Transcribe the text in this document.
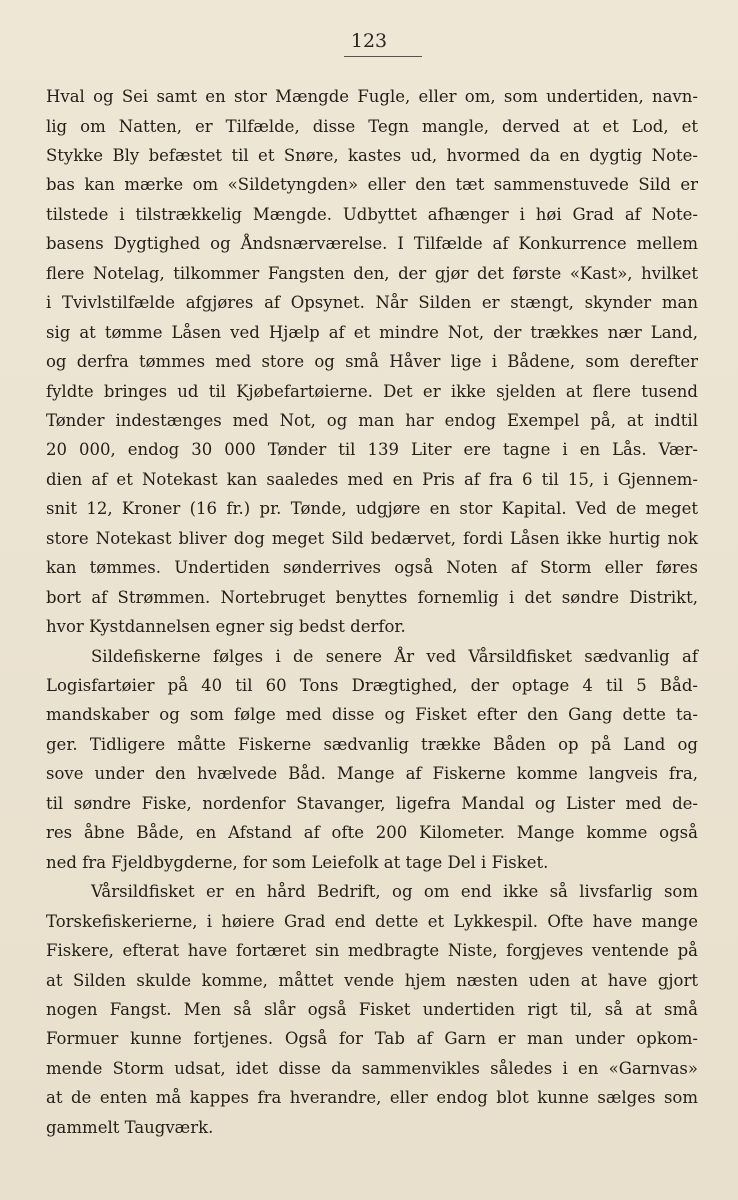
123
Hval og Sei samt en stor Mængde Fugle, eller om, som undertiden, navn-
lig om Natten, er Tilfælde, disse Tegn mangle, derved at et Lod, et
Stykke Bly befæstet til et Snøre, kastes ud, hvormed da en dygtig Note-
bas kan mærke om «Sildetyngden» eller den tæt sammenstuvede Sild er
tilstede i tilstrækkelig Mængde. Udbyttet afhænger i høi Grad af Note-
basens Dygtighed og Åndsnærværelse. I Tilfælde af Konkurrence mellem
flere Notelag, tilkommer Fangsten den, der gjør det første «Kast», hvilket
i Tvivlstilfælde afgjøres af Opsynet. Når Silden er stængt, skynder man
sig at tømme Låsen ved Hjælp af et mindre Not, der trækkes nær Land,
og derfra tømmes med store og små Håver lige i Bådene, som derefter
fyldte bringes ud til Kjøbefartøierne. Det er ikke sjelden at flere tusend
Tønder indestænges med Not, og man har endog Exempel på, at indtil
20 000, endog 30 000 Tønder til 139 Liter ere tagne i en Lås. Vær-
dien af et Notekast kan saaledes med en Pris af fra 6 til 15, i Gjennem-
snit 12, Kroner (16 fr.) pr. Tønde, udgjøre en stor Kapital. Ved de meget
store Notekast bliver dog meget Sild bedærvet, fordi Låsen ikke hurtig nok
kan tømmes. Undertiden sønderrives også Noten af Storm eller føres
bort af Strømmen. Nortebruget benyttes fornemlig i det søndre Distrikt,
hvor Kystdannelsen egner sig bedst derfor.
Sildefiskerne følges i de senere År ved Vårsildfisket sædvanlig af
Logisfartøier på 40 til 60 Tons Drægtighed, der optage 4 til 5 Båd-
mandskaber og som følge med disse og Fisket efter den Gang dette ta-
ger. Tidligere måtte Fiskerne sædvanlig trække Båden op på Land og
sove under den hvælvede Båd. Mange af Fiskerne komme langveis fra,
til søndre Fiske, nordenfor Stavanger, ligefra Mandal og Lister med de-
res åbne Både, en Afstand af ofte 200 Kilometer. Mange komme også
ned fra Fjeldbygderne, for som Leiefolk at tage Del i Fisket.
Vårsildfisket er en hård Bedrift, og om end ikke så livsfarlig som
Torskefiskerierne, i høiere Grad end dette et Lykkespil. Ofte have mange
Fiskere, efterat have fortæret sin medbragte Niste, forgjeves ventende på
at Silden skulde komme, måttet vende hjem næsten uden at have gjort
nogen Fangst. Men så slår også Fisket undertiden rigt til, så at små
Formuer kunne fortjenes. Også for Tab af Garn er man under opkom-
mende Storm udsat, idet disse da sammenvikles således i en «Garnvas»
at de enten må kappes fra hverandre, eller endog blot kunne sælges som
gammelt Taugværk.
